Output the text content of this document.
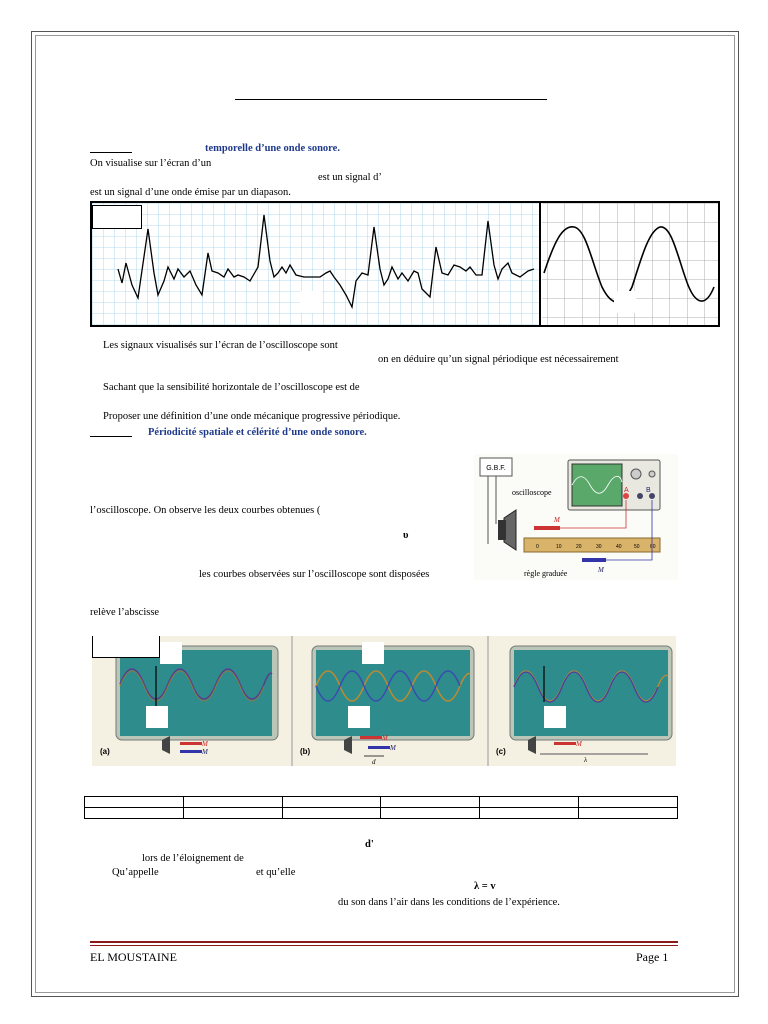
________	temporelle d’une onde sonore.
On visualise sur l’écran d’un
est un signal d’
est un signal d’une onde émise par un diapason.
Les signaux visualisés sur l’écran de l’oscilloscope sont
on en déduire qu’un signal périodique est nécessairement
Sachant que la sensibilité horizontale de l’oscilloscope est de
Proposer une définition d’une onde mécanique progressive périodique.
________ Périodicité spatiale et célérité d’une onde sonore.
l’oscilloscope. On observe les deux courbes obtenues (
υ
les courbes observées sur l’oscilloscope sont disposées
relève l’abscisse
G.B.F.
A B
oscilloscope
0	10	20	30	40 50 60
M
M
règle graduée
(a)
M
M	(b)
M
M
d
(c)
M
λ

d'
lors de l’éloignement de
Qu’appelle	et qu’elle
λ = v
du son dans l’air dans les conditions de l’expérience.
EL MOUSTAINE	Page 1
